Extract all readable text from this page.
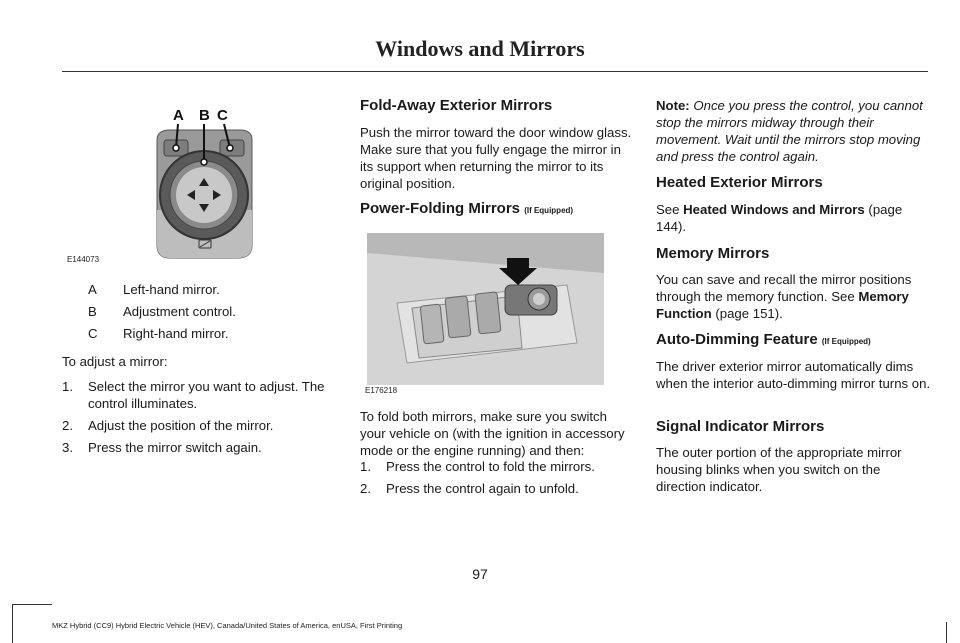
Windows and Mirrors
A B C
E144073
A	Left-hand mirror.
B	Adjustment control.
C	Right-hand mirror.

To adjust a mirror:

1. Select the mirror you want to adjust. The control illuminates.
2. Adjust the position of the mirror.
3. Press the mirror switch again.
Fold-Away Exterior Mirrors

Push the mirror toward the door window glass. Make sure that you fully engage the mirror in its support when returning the mirror to its original position.

Power-Folding Mirrors (If Equipped)
E176218

To fold both mirrors, make sure you switch your vehicle on (with the ignition in accessory mode or the engine running) and then:

1. Press the control to fold the mirrors.
2. Press the control again to unfold.

Note: Once you press the control, you cannot stop the mirrors midway through their movement. Wait until the mirrors stop moving and press the control again.

Heated Exterior Mirrors

See Heated Windows and Mirrors (page 144).

Memory Mirrors

You can save and recall the mirror positions through the memory function. See Memory Function (page 151).

Auto-Dimming Feature (If Equipped)

The driver exterior mirror automatically dims when the interior auto-dimming mirror turns on.

Signal Indicator Mirrors

The outer portion of the appropriate mirror housing blinks when you switch on the direction indicator.

97
MKZ Hybrid (CC9) Hybrid Electric Vehicle (HEV), Canada/United States of America, enUSA, First Printing
